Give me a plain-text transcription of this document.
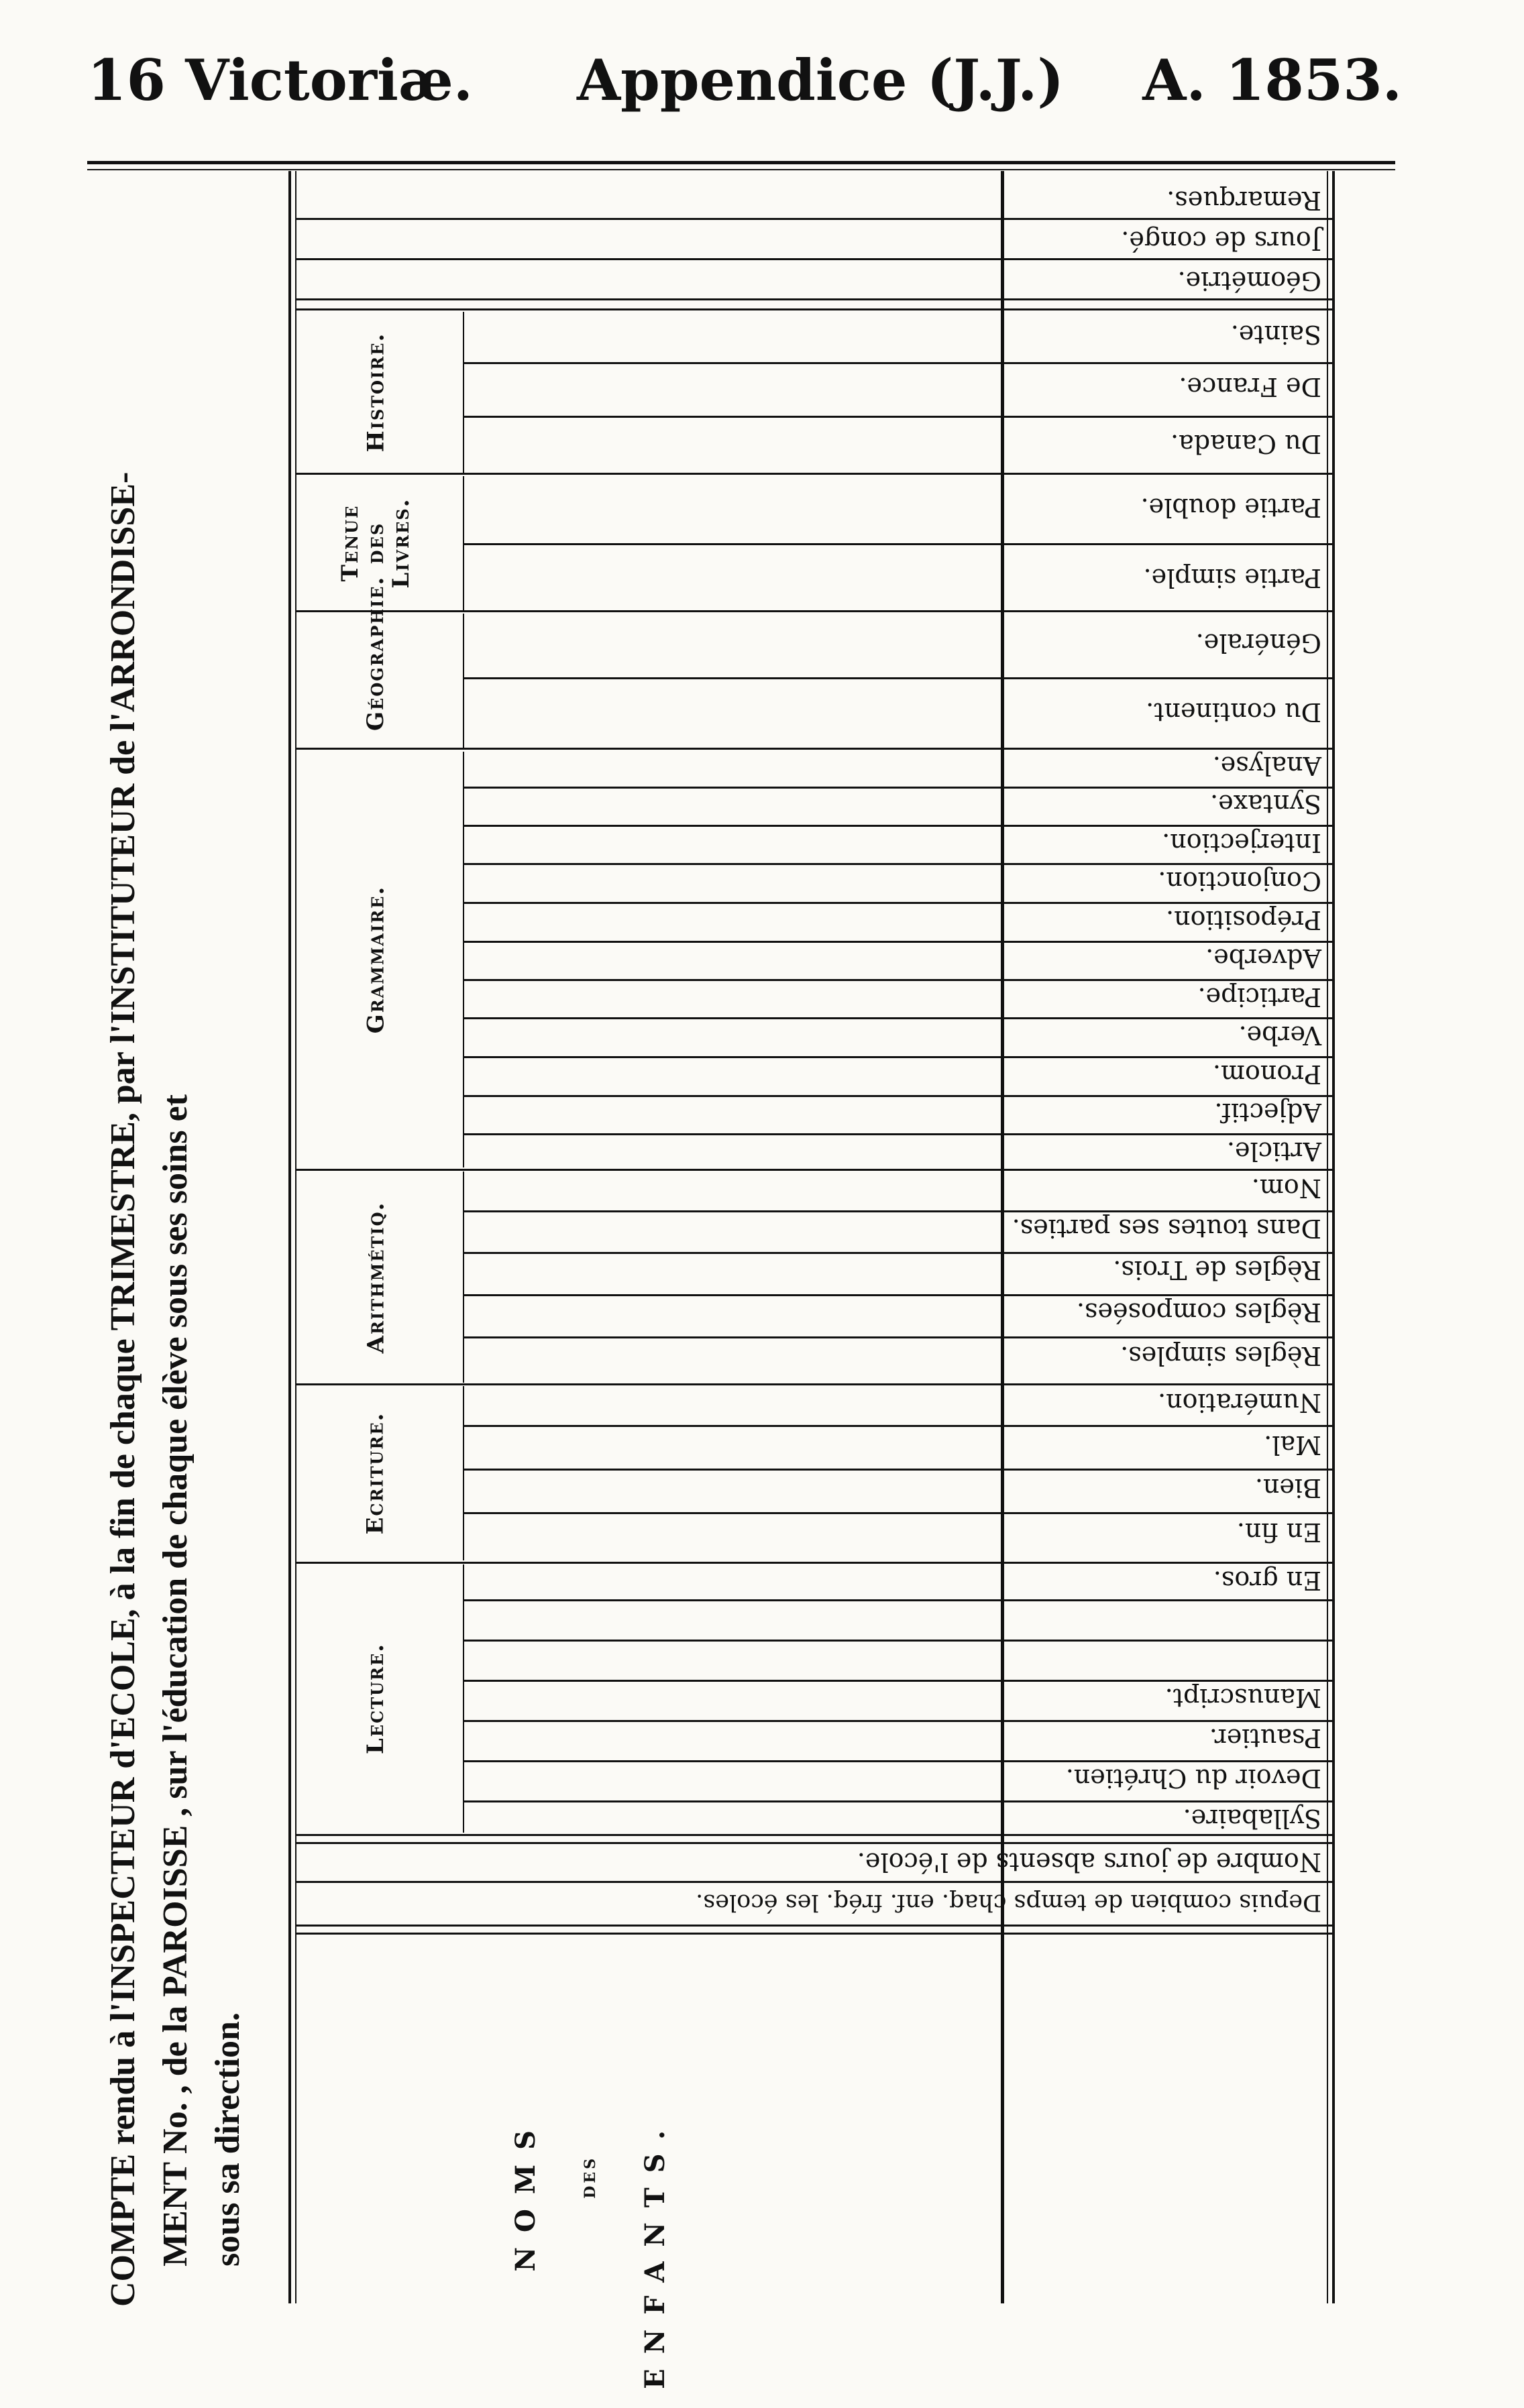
16 Victoriæ. Appendice (J.J.) A. 1853.
COMPTE rendu à l'INSPECTEUR d'ECOLE, à la fin de chaque TRIMESTRE, par l'INSTITUTEUR de l'ARRONDISSE- MENT No. , de la PAROISSE , sur l'éducation de chaque élève sous ses soins et sous sa direction.
Remarques.
Jours de congé.
Géométrie.
Sainte.
De France.
Du Canada.
Partie double.
Partie simple.
Générale.
Du continent.
Analyse.
Syntaxe.
Interjection.
Conjonction.
Préposition.
Adverbe.
Participe.
Verbe.
Pronom.
Adjectif.
Article.
Nom.
Dans toutes ses parties.
Règles de Trois.
Règles composées.
Règles simples.
Numération.
Mal.
Bien.
En fin.
En gros.
Manuscript.
Psautier.
Devoir du Chrétien.
Syllabaire.
Nombre de jours absents de l'école.
Depuis combien de temps chaq. enf. fréq. les écoles.
Histoire.
Tenue des Livres.
Géographie.
Grammaire.
Arithmétiq.
Ecriture.
Lecture.
NOMS	DES ENFANTS.
